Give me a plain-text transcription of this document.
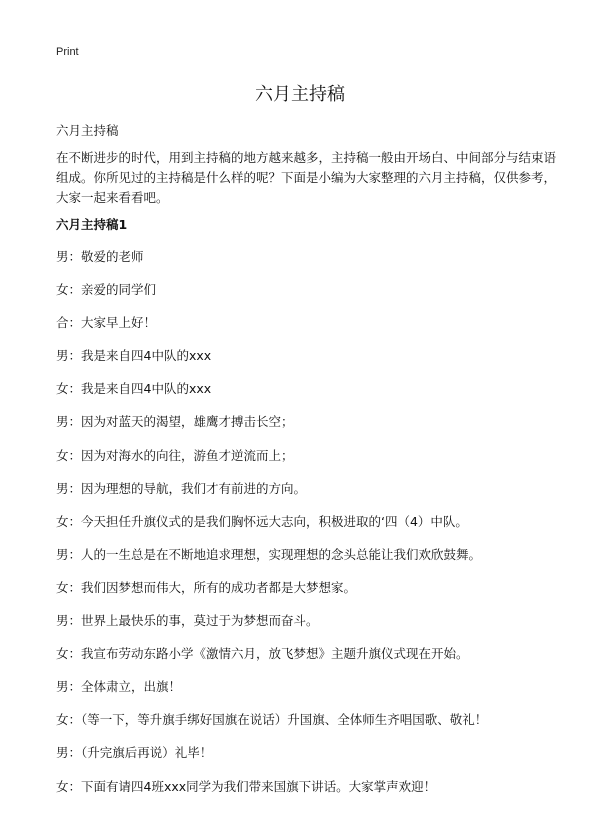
Print
六月主持稿
六月主持稿
在不断进步的时代，用到主持稿的地方越来越多，主持稿一般由开场白、中间部分与结束语组成。你所见过的主持稿是什么样的呢？下面是小编为大家整理的六月主持稿，仅供参考，大家一起来看看吧。
六月主持稿1
男：敬爱的老师
女：亲爱的同学们
合：大家早上好！
男：我是来自四4中队的xxx
女：我是来自四4中队的xxx
男：因为对蓝天的渴望，雄鹰才搏击长空；
女：因为对海水的向往，游鱼才逆流而上；
男：因为理想的导航，我们才有前进的方向。
女：今天担任升旗仪式的是我们胸怀远大志向，积极进取的‘四（4）中队。
男：人的一生总是在不断地追求理想，实现理想的念头总能让我们欢欣鼓舞。
女：我们因梦想而伟大，所有的成功者都是大梦想家。
男：世界上最快乐的事，莫过于为梦想而奋斗。
女：我宣布劳动东路小学《激情六月，放飞梦想》主题升旗仪式现在开始。
男：全体肃立，出旗！
女：（等一下，等升旗手绑好国旗在说话）升国旗、全体师生齐唱国歌、敬礼！
男：（升完旗后再说）礼毕！
女：下面有请四4班xxx同学为我们带来国旗下讲话。大家掌声欢迎！
